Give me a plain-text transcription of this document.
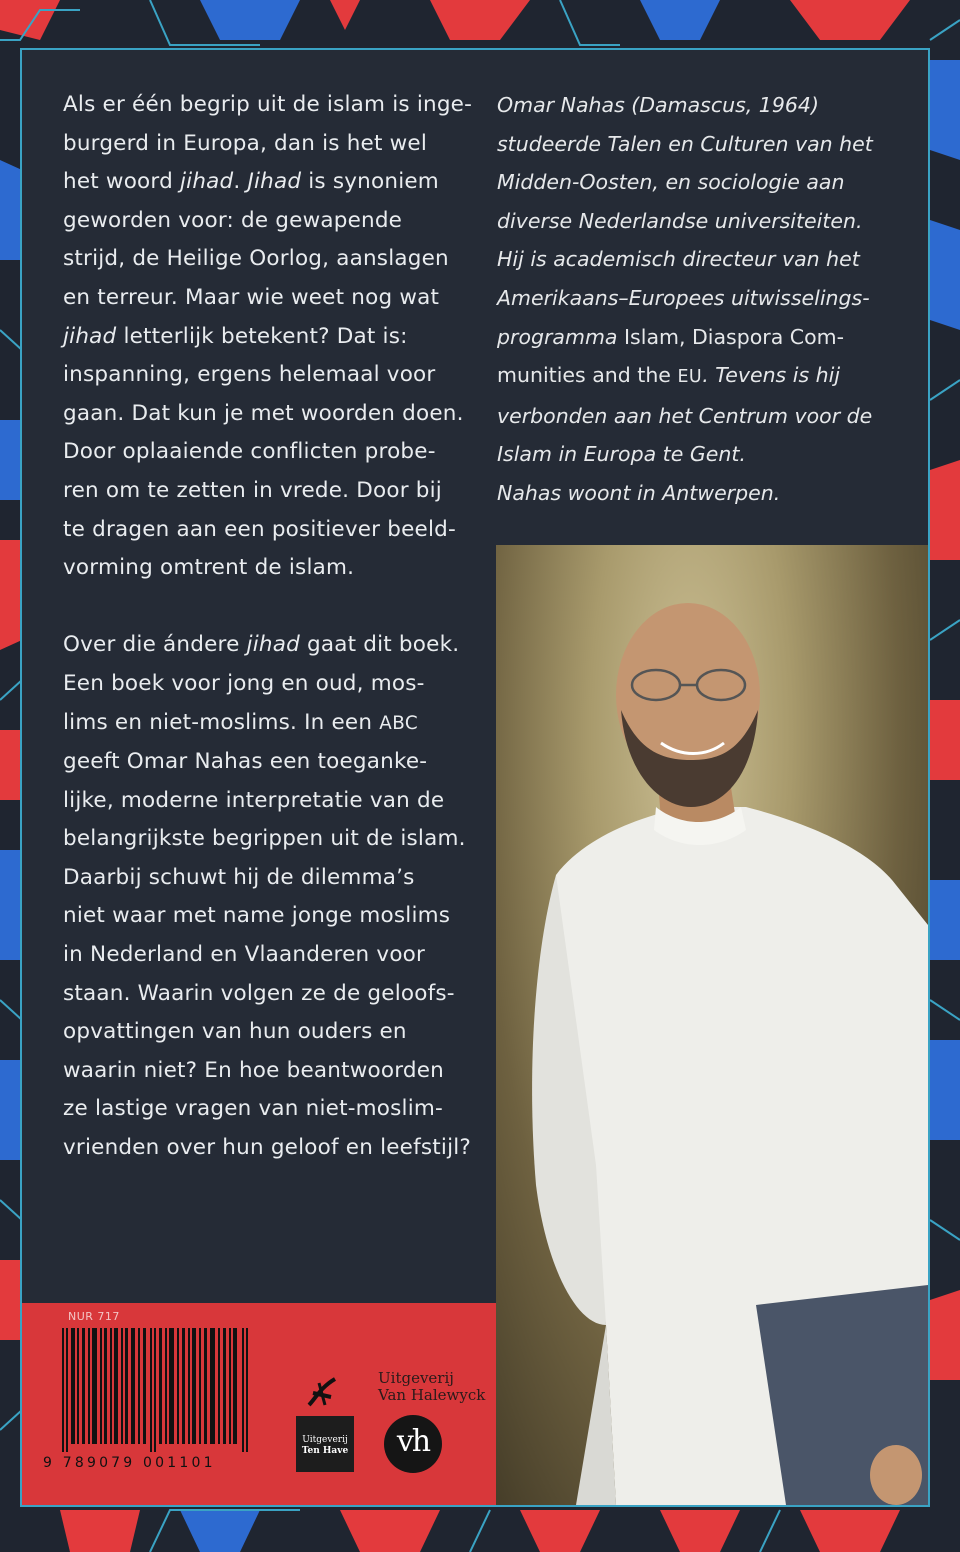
Als er één begrip uit de islam is inge-
burgerd in Europa, dan is het wel
het woord jihad. Jihad is synoniem
geworden voor: de gewapende
strijd, de Heilige Oorlog, aanslagen
en terreur. Maar wie weet nog wat
jihad letterlijk betekent? Dat is:
inspanning, ergens helemaal voor
gaan. Dat kun je met woorden doen.
Door oplaaiende conflicten probe-
ren om te zetten in vrede. Door bij
te dragen aan een positiever beeld-
vorming omtrent de islam.

Over die ándere jihad gaat dit boek.
Een boek voor jong en oud, mos-
lims en niet-moslims. In een ABC
geeft Omar Nahas een toeganke-
lijke, moderne interpretatie van de
belangrijkste begrippen uit de islam.
Daarbij schuwt hij de dilemma’s
niet waar met name jonge moslims
in Nederland en Vlaanderen voor
staan. Waarin volgen ze de geloofs-
opvattingen van hun ouders en
waarin niet? En hoe beantwoorden
ze lastige vragen van niet-moslim-
vrienden over hun geloof en leefstijl?

Omar Nahas (Damascus, 1964)
studeerde Talen en Culturen van het
Midden-Oosten, en sociologie aan
diverse Nederlandse universiteiten.
Hij is academisch directeur van het
Amerikaans–Europees uitwisselings-
programma Islam, Diaspora Com-
munities and the EU. Tevens is hij
verbonden aan het Centrum voor de
Islam in Europa te Gent.
Nahas woont in Antwerpen.

NUR 717
9 789079 001101
Uitgeverij
Ten Have
Uitgeverij
Van Halewyck
vh
